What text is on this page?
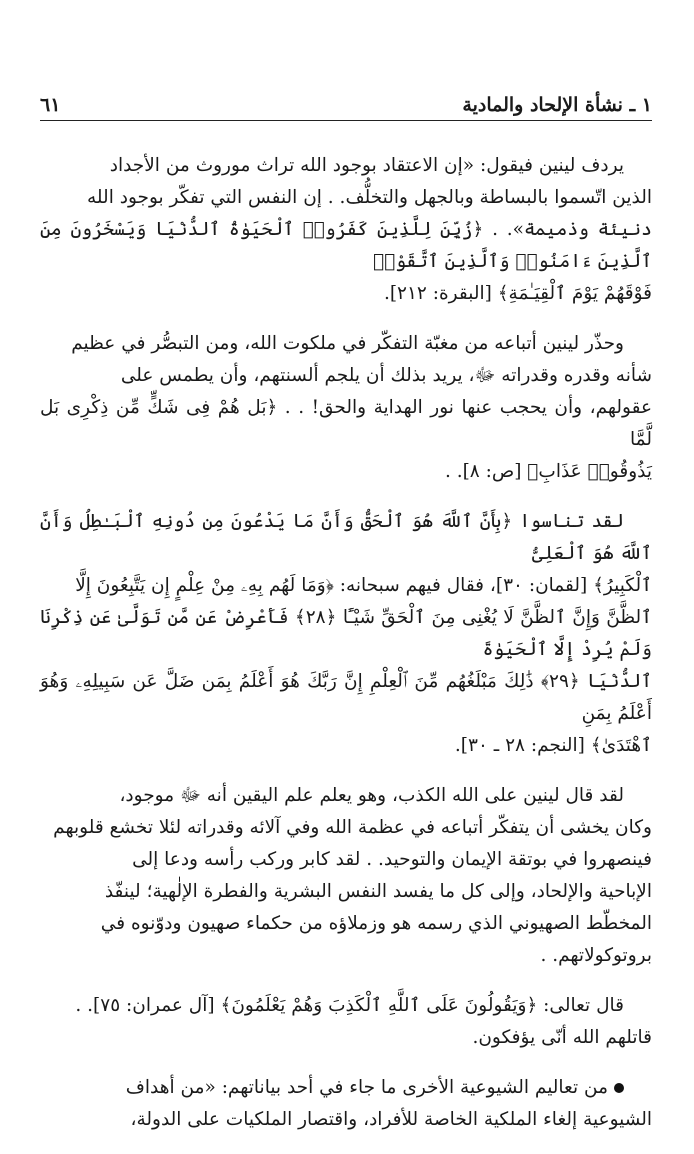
١ ـ نشأة الإلحاد والمادية
٦١

يردف لينين فيقول: «إن الاعتقاد بوجود الله تراث موروث من الأجداد
الذين اتّسموا بالبساطة وبالجهل والتخلُّف. . إن النفس التي تفكّر بوجود الله
دنيئة وذميمة». . ﴿زُيِّنَ لِلَّذِينَ كَفَرُوا۟ ٱلْحَيَوٰةُ ٱلدُّنْيَا وَيَسْخَرُونَ مِنَ ٱلَّذِينَ ءَامَنُوا۟ وَٱلَّذِينَ ٱتَّقَوْا۟
فَوْقَهُمْ يَوْمَ ٱلْقِيَـٰمَةِ﴾ [البقرة: ٢١٢].

وحذّر لينين أتباعه من مغبّة التفكّر في ملكوت الله، ومن التبصُّر في عظيم
شأنه وقدره وقدراته ﷻ، يريد بذلك أن يلجم ألسنتهم، وأن يطمس على
عقولهم، وأن يحجب عنها نور الهداية والحق! . . ﴿بَل هُمْ فِى شَكٍّ مِّن ذِكْرِى بَل لَّمَّا
يَذُوقُوا۟ عَذَابِ﴾ [ص: ٨]. .

لقد تناسوا ﴿بِأَنَّ ٱللَّهَ هُوَ ٱلْحَقُّ وَأَنَّ مَا يَدْعُونَ مِن دُونِهِ ٱلْبَـٰطِلُ وَأَنَّ ٱللَّهَ هُوَ ٱلْعَلِىُّ
ٱلْكَبِيرُ﴾ [لقمان: ٣٠]، فقال فيهم سبحانه: ﴿وَمَا لَهُم بِهِۦ مِنْ عِلْمٍ إِن يَتَّبِعُونَ إِلَّا
ٱلظَّنَّ وَإِنَّ ٱلظَّنَّ لَا يُغْنِى مِنَ ٱلْحَقِّ شَيْـًٔا ﴿٢٨﴾ فَأَعْرِضْ عَن مَّن تَوَلَّىٰ عَن ذِكْرِنَا وَلَمْ يُرِدْ إِلَّا ٱلْحَيَوٰةَ
ٱلدُّنْيَا ﴿٢٩﴾ ذَٰلِكَ مَبْلَغُهُم مِّنَ ٱلْعِلْمِ إِنَّ رَبَّكَ هُوَ أَعْلَمُ بِمَن ضَلَّ عَن سَبِيلِهِۦ وَهُوَ أَعْلَمُ بِمَنِ
ٱهْتَدَىٰ﴾ [النجم: ٢٨ ـ ٣٠].

لقد قال لينين على الله الكذب، وهو يعلم علم اليقين أنه ﷻ موجود،
وكان يخشى أن يتفكّر أتباعه في عظمة الله وفي آلائه وقدراته لئلا تخشع قلوبهم
فينصهروا في بوتقة الإيمان والتوحيد. . لقد كابر وركب رأسه ودعا إلى
الإباحية والإلحاد، وإلى كل ما يفسد النفس البشرية والفطرة الإلٰهية؛ لينفّذ
المخطّط الصهيوني الذي رسمه هو وزملاؤه من حكماء صهيون ودوّنوه في
بروتوكولاتهم. .

قال تعالى: ﴿وَيَقُولُونَ عَلَى ٱللَّهِ ٱلْكَذِبَ وَهُمْ يَعْلَمُونَ﴾ [آل عمران: ٧٥]. .
قاتلهم الله أنّى يؤفكون.

من تعاليم الشيوعية الأخرى ما جاء في أحد بياناتهم: «من أهداف
الشيوعية إلغاء الملكية الخاصة للأفراد، واقتصار الملكيات على الدولة،
